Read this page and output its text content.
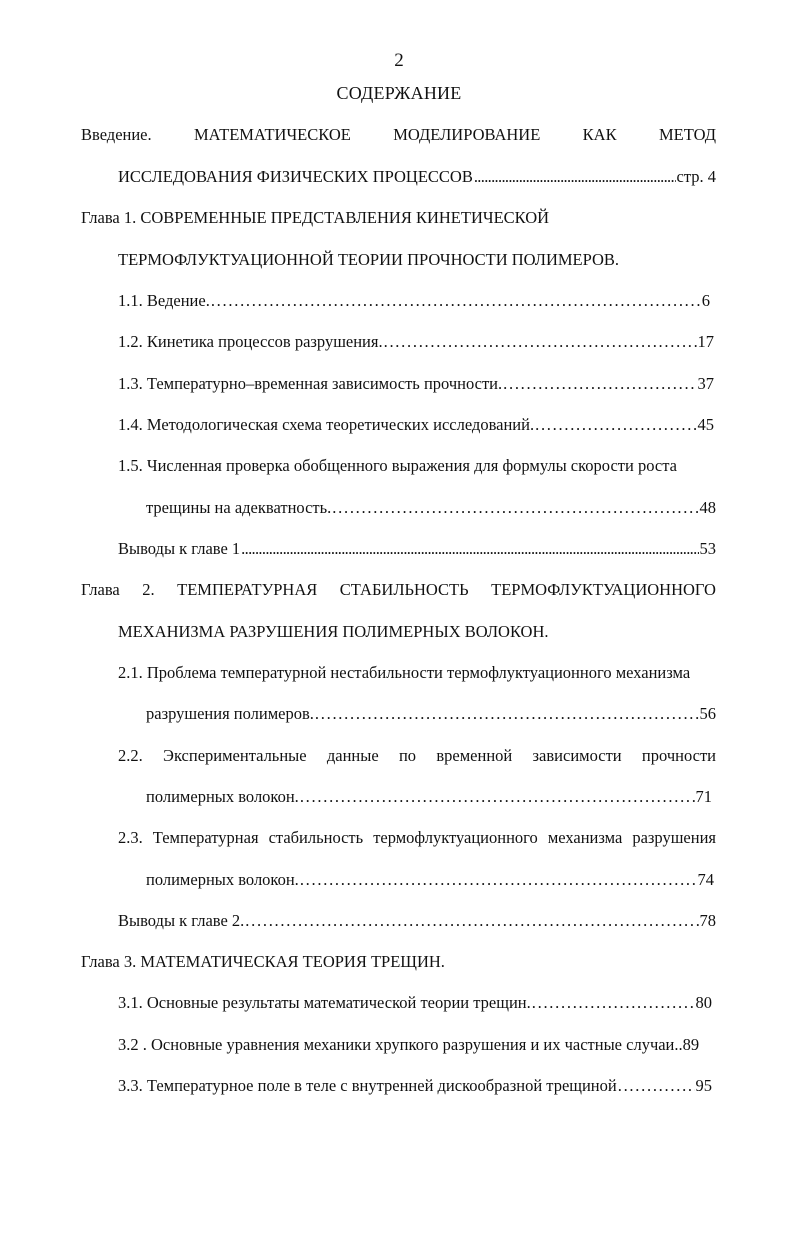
2
СОДЕРЖАНИЕ
Введение.	МАТЕМАТИЧЕСКОЕ	МОДЕЛИРОВАНИЕ	КАК	МЕТОД
ИССЛЕДОВАНИЯ ФИЗИЧЕСКИХ ПРОЦЕССОВ . . .	стр. 4
Глава 1. СОВРЕМЕННЫЕ ПРЕДСТАВЛЕНИЯ КИНЕТИЧЕСКОЙ
ТЕРМОФЛУКТУАЦИОННОЙ ТЕОРИИ ПРОЧНОСТИ ПОЛИМЕРОВ.
1.1. Ведение. . . .	6
1.2. Кинетика процессов разрушения. . . .	17
1.3. Температурно–временная зависимость прочности. . . .	37
1.4. Методологическая схема теоретических исследований. . . .	45
1.5. Численная проверка обобщенного выражения для формулы скорости роста
трещины на адекватность. . . .	48
Выводы к главе 1 . . .	53
Глава 2. ТЕМПЕРАТУРНАЯ СТАБИЛЬНОСТЬ ТЕРМОФЛУКТУАЦИОННОГО
МЕХАНИЗМА РАЗРУШЕНИЯ ПОЛИМЕРНЫХ ВОЛОКОН.
2.1. Проблема температурной нестабильности термофлуктуационного механизма
разрушения полимеров. . . .	56
2.2. Экспериментальные данные по временной зависимости прочности
полимерных волокон. . . .	71
2.3. Температурная стабильность термофлуктуационного механизма разрушения
полимерных волокон. . . .	74
Выводы к главе 2. . . .	78
Глава 3. МАТЕМАТИЧЕСКАЯ ТЕОРИЯ ТРЕЩИН.
3.1. Основные результаты математической теории трещин. . . .	80
3.2 . Основные уравнения механики хрупкого разрушения и их частные случаи..89
3.3. Температурное поле в теле с внутренней дискообразной трещиной . . .	95
